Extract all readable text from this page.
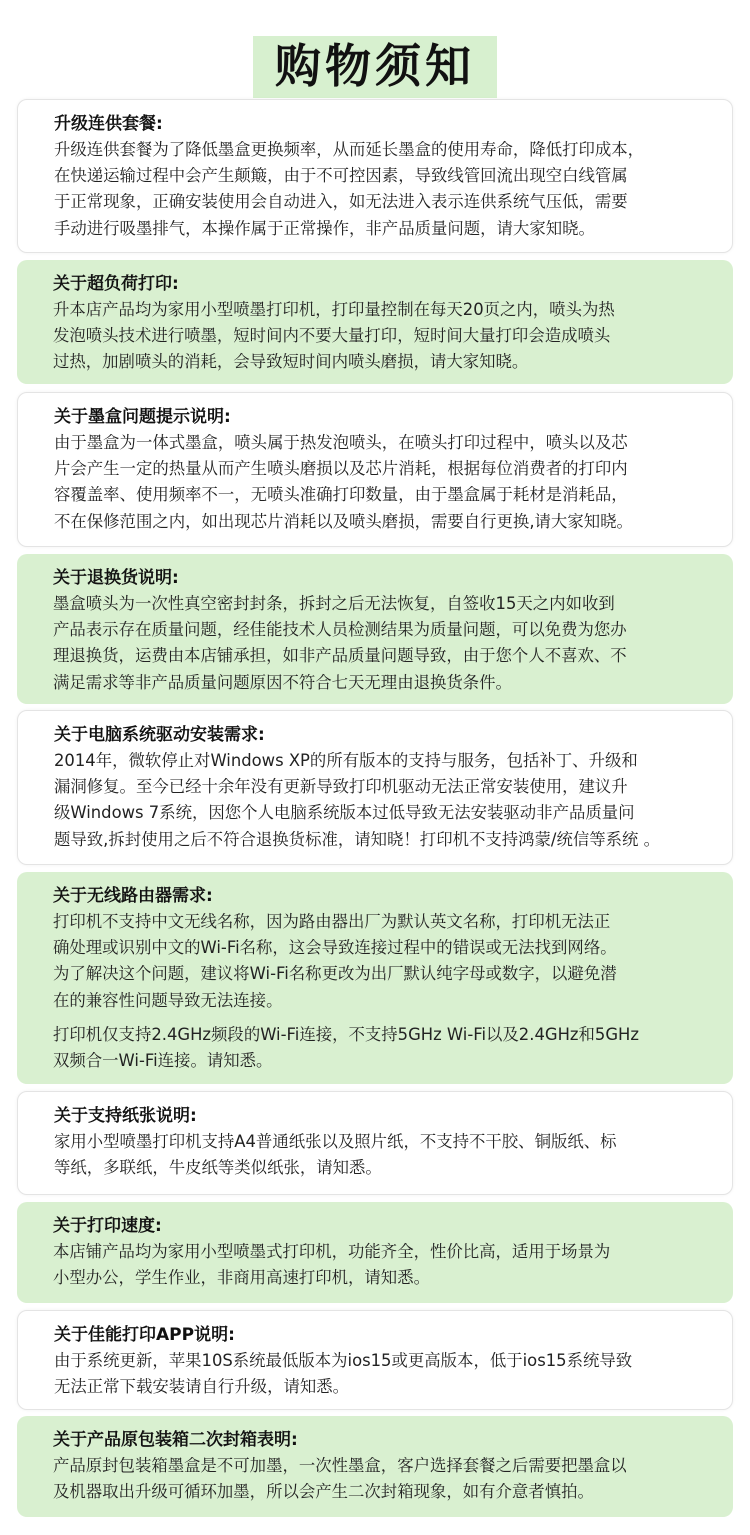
购物须知
升级连供套餐:
升级连供套餐为了降低墨盒更换频率，从而延长墨盒的使用寿命，降低打印成本，
在快递运输过程中会产生颠簸，由于不可控因素，导致线管回流出现空白线管属
于正常现象，正确安装使用会自动进入，如无法进入表示连供系统气压低，需要
手动进行吸墨排气，本操作属于正常操作，非产品质量问题，请大家知晓。
关于超负荷打印:
升本店产品均为家用小型喷墨打印机，打印量控制在每天20页之内，喷头为热
发泡喷头技术进行喷墨，短时间内不要大量打印，短时间大量打印会造成喷头
过热，加剧喷头的消耗，会导致短时间内喷头磨损，请大家知晓。
关于墨盒问题提示说明:
由于墨盒为一体式墨盒，喷头属于热发泡喷头，在喷头打印过程中，喷头以及芯
片会产生一定的热量从而产生喷头磨损以及芯片消耗，根据每位消费者的打印内
容覆盖率、使用频率不一，无喷头准确打印数量，由于墨盒属于耗材是消耗品，
不在保修范围之内，如出现芯片消耗以及喷头磨损，需要自行更换,请大家知晓。
关于退换货说明:
墨盒喷头为一次性真空密封封条，拆封之后无法恢复，自签收15天之内如收到
产品表示存在质量问题，经佳能技术人员检测结果为质量问题，可以免费为您办
理退换货，运费由本店铺承担，如非产品质量问题导致，由于您个人不喜欢、不
满足需求等非产品质量问题原因不符合七天无理由退换货条件。
关于电脑系统驱动安装需求:
2014年，微软停止对Windows XP的所有版本的支持与服务，包括补丁、升级和
漏洞修复。至今已经十余年没有更新导致打印机驱动无法正常安装使用，建议升
级Windows 7系统，因您个人电脑系统版本过低导致无法安装驱动非产品质量问
题导致,拆封使用之后不符合退换货标准，请知晓！打印机不支持鸿蒙/统信等系统 。
关于无线路由器需求:
打印机不支持中文无线名称，因为路由器出厂为默认英文名称，打印机无法正
确处理或识别中文的Wi-Fi名称，这会导致连接过程中的错误或无法找到网络。
为了解决这个问题，建议将Wi-Fi名称更改为出厂默认纯字母或数字，以避免潜
在的兼容性问题导致无法连接。
打印机仅支持2.4GHz频段的Wi-Fi连接，不支持5GHz Wi-Fi以及2.4GHz和5GHz
双频合一Wi-Fi连接。请知悉。
关于支持纸张说明:
家用小型喷墨打印机支持A4普通纸张以及照片纸，不支持不干胶、铜版纸、标
等纸，多联纸，牛皮纸等类似纸张，请知悉。
关于打印速度:
本店铺产品均为家用小型喷墨式打印机，功能齐全，性价比高，适用于场景为
小型办公，学生作业，非商用高速打印机，请知悉。
关于佳能打印APP说明:
由于系统更新，苹果10S系统最低版本为ios15或更高版本，低于ios15系统导致
无法正常下载安装请自行升级，请知悉。
关于产品原包装箱二次封箱表明:
产品原封包装箱墨盒是不可加墨，一次性墨盒，客户选择套餐之后需要把墨盒以
及机器取出升级可循环加墨，所以会产生二次封箱现象，如有介意者慎拍。
